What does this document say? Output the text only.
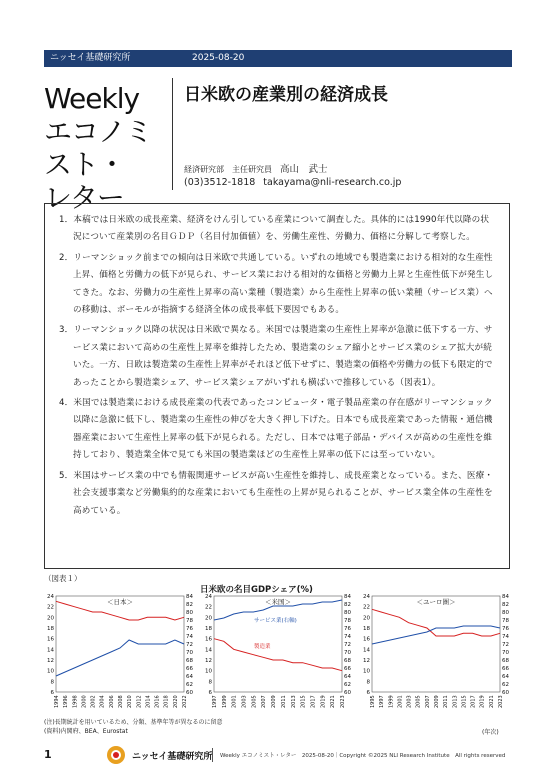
ニッセイ基礎研究所	2025-08-20
Weekly
エコノミスト・
レター
日米欧の産業別の経済成長
経済研究部　主任研究員　 高山　武士
(03)3512-1818　 takayama@nli-research.co.jp

1．本稿では日米欧の成長産業、経済をけん引している産業について調査した。具体的には1990年代以降の状況について産業別の名目ＧＤＰ（名目付加価値）を、労働生産性、労働力、価格に分解して考察した。

2．リーマンショック前までの傾向は日米欧で共通している。いずれの地域でも製造業における相対的な生産性上昇、価格と労働力の低下が見られ、サービス業における相対的な価格と労働力上昇と生産性低下が発生してきた。なお、労働力の生産性上昇率の高い業種（製造業）から生産性上昇率の低い業種（サービス業）への移動は、ボーモルが指摘する経済全体の成長率低下要因でもある。

3．リーマンショック以降の状況は日米欧で異なる。米国では製造業の生産性上昇率が急激に低下する一方、サービス業において高めの生産性上昇率を維持したため、製造業のシェア縮小とサービス業のシェア拡大が続いた。一方、日欧は製造業の生産性上昇率がそれほど低下せずに、製造業の価格や労働力の低下も限定的であったことから製造業シェア、サービス業シェアがいずれも横ばいで推移している（図表1）。

4．米国では製造業における成長産業の代表であったコンピュータ・電子製品産業の存在感がリーマンショック以降に急激に低下し、製造業の生産性の伸びを大きく押し下げた。日本でも成長産業であった情報・通信機器産業において生産性上昇率の低下が見られる。ただし、日本では電子部品・デバイスが高めの生産性を維持しており、製造業全体で見ても米国の製造業ほどの生産性上昇率の低下には至っていない。

5．米国はサービス業の中でも情報関連サービスが高い生産性を維持し、成長産業となっている。また、医療・社会支援事業など労働集約的な産業においても生産性の上昇が見られることが、サービス業全体の生産性を高めている。

（図表１）
日米欧の名目GDPシェア(%)
＜日本＞
6
8
10
12
14
16
18
20
22
24
60
62
64
66
68
70
72
74
76
78
80
82
84
1994 1996 1998 2000 2002 2004 2006 2008 2010 2012 2014 2016 2018 2020 2022
＜米国＞
6
8
10
12
14
16
18
20
22
24
60
62
64
66
68
70
72
74
76
78
80
82
84
1997 1999 2001 2003 2005 2007 2009 2011 2013 2015 2017 2019 2021 2023
サービス業(右軸)
製造業
＜ユーロ圏＞
6
8
10
12
14
16
18
20
22
24
60
62
64
66
68
70
72
74
76
78
80
82
84
1995 1997 1999 2001 2003 2005 2007 2009 2011 2013 2015 2017 2019 2021 2023
(注)長期統計を用いているため、分類、基準年等が異なるのに留意
(資料)内閣府、BEA、Eurostat	(年次)
1	ニッセイ基礎研究所 Weekly エコノミスト・レター　2025-08-20｜Copyright ©2025 NLI Research Institute　All rights reserved
